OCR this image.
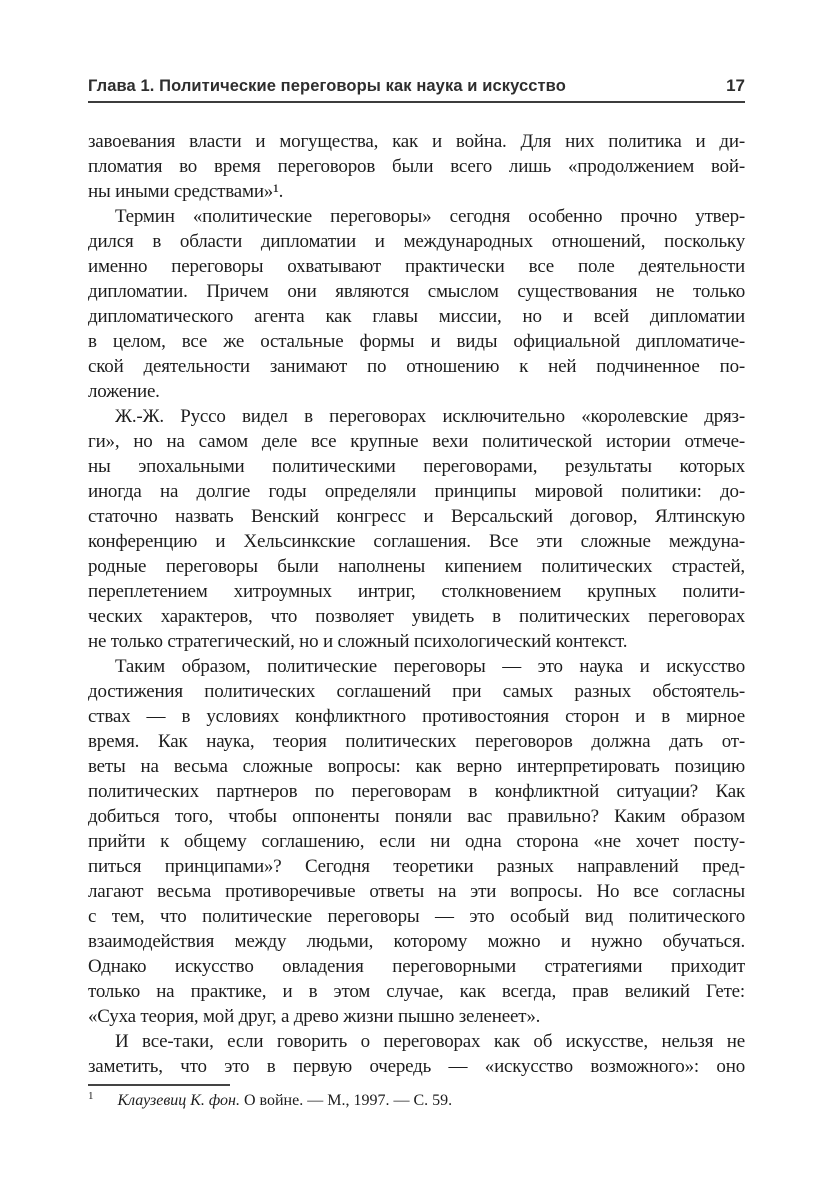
Глава 1. Политические переговоры как наука и искусство	17
завоевания власти и могущества, как и война. Для них политика и ди-
пломатия во время переговоров были всего лишь «продолжением вой-
ны иными средствами»¹.
Термин «политические переговоры» сегодня особенно прочно утвер-
дился в области дипломатии и международных отношений, поскольку
именно переговоры охватывают практически все поле деятельности
дипломатии. Причем они являются смыслом существования не только
дипломатического агента как главы миссии, но и всей дипломатии
в целом, все же остальные формы и виды официальной дипломатиче-
ской деятельности занимают по отношению к ней подчиненное по-
ложение.
Ж.-Ж. Руссо видел в переговорах исключительно «королевские дряз-
ги», но на самом деле все крупные вехи политической истории отмече-
ны эпохальными политическими переговорами, результаты которых
иногда на долгие годы определяли принципы мировой политики: до-
статочно назвать Венский конгресс и Версальский договор, Ялтинскую
конференцию и Хельсинкские соглашения. Все эти сложные междуна-
родные переговоры были наполнены кипением политических страстей,
переплетением хитроумных интриг, столкновением крупных полити-
ческих характеров, что позволяет увидеть в политических переговорах
не только стратегический, но и сложный психологический контекст.
Таким образом, политические переговоры — это наука и искусство
достижения политических соглашений при самых разных обстоятель-
ствах — в условиях конфликтного противостояния сторон и в мирное
время. Как наука, теория политических переговоров должна дать от-
веты на весьма сложные вопросы: как верно интерпретировать позицию
политических партнеров по переговорам в конфликтной ситуации? Как
добиться того, чтобы оппоненты поняли вас правильно? Каким образом
прийти к общему соглашению, если ни одна сторона «не хочет посту-
питься принципами»? Сегодня теоретики разных направлений пред-
лагают весьма противоречивые ответы на эти вопросы. Но все согласны
с тем, что политические переговоры — это особый вид политического
взаимодействия между людьми, которому можно и нужно обучаться.
Однако искусство овладения переговорными стратегиями приходит
только на практике, и в этом случае, как всегда, прав великий Гете:
«Суха теория, мой друг, а древо жизни пышно зеленеет».
И все-таки, если говорить о переговорах как об искусстве, нельзя не
заметить, что это в первую очередь — «искусство возможного»: оно
$^1$ Клаузевиц К. фон. О войне. — М., 1997. — С. 59.
